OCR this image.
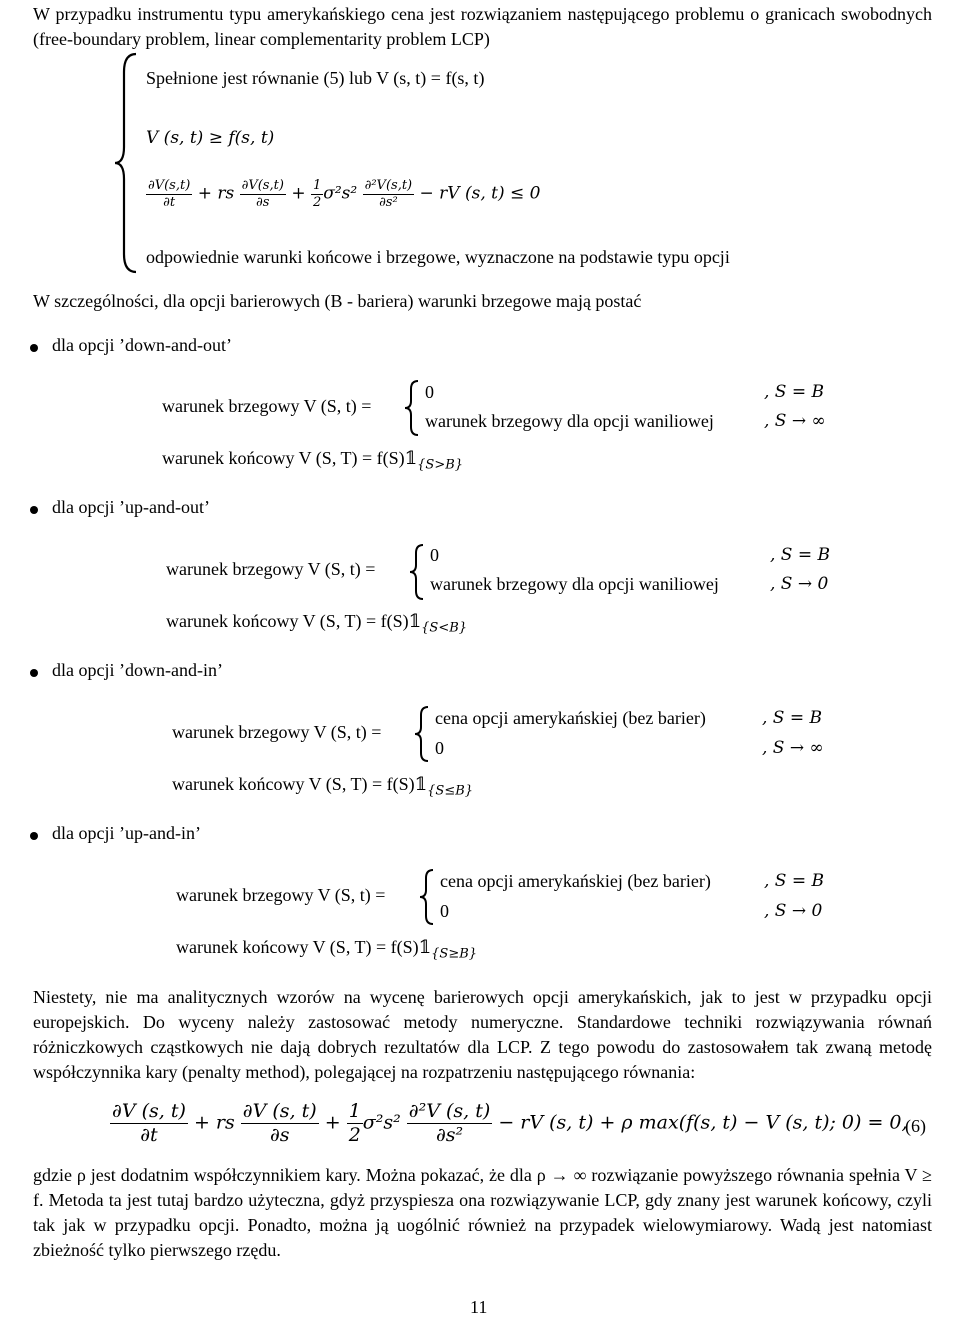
W przypadku instrumentu typu amerykańskiego cena jest rozwiązaniem następującego problemu o granicach swobodnych (free-boundary problem, linear complementarity problem LCP)
Spełnione jest równanie (5) lub V (s, t) = f(s, t)
V (s, t) ≥ f(s, t)
$\frac{\partial V(s,t)}{\partial t}$ + rs $\frac{\partial V(s,t)}{\partial s} + \frac{1}{2} \sigma^2s^2 \frac{\text{∂²V(s,t)}}{\text{∂s²}}$ − rV (s, t) ≤ 0
odpowiednie warunki końcowe i brzegowe, wyznaczone na podstawie typu opcji
W szczególności, dla opcji barierowych (B - bariera) warunki brzegowe mają postać
dla opcji ’down-and-out’
warunek brzegowy V (S, t) =
0	, S = B
warunek brzegowy dla opcji waniliowej	, S → ∞
warunek końcowy V (S, $T) = f(S)𝟙_{\{S>B\}}$
dla opcji ’up-and-out’
warunek brzegowy V (S, t) =
0	, S = B
warunek brzegowy dla opcji waniliowej	, S → 0
warunek końcowy V (S, $T) = f(S)𝟙_{\{S<B\}}$
dla opcji ’down-and-in’
warunek brzegowy V (S, t) =
cena opcji amerykańskiej (bez barier)	, S = B
0	, S → ∞
warunek końcowy V (S, $T) = f(S)𝟙_{\{S\le B\}}$
dla opcji ’up-and-in’
warunek brzegowy V (S, t) =
cena opcji amerykańskiej (bez barier)	, S = B
0	, S → 0
warunek końcowy V (S, $T) = f(S)𝟙_{\{S\ge B\}}$
Niestety, nie ma analitycznych wzorów na wycenę barierowych opcji amerykańskich, jak to jest w przypadku opcji europejskich. Do wyceny należy zastosować metody numeryczne. Standardowe techniki rozwiązywania równań różniczkowych cząstkowych nie dają dobrych rezultatów dla LCP. Z tego powodu do zastosowałem tak zwaną metodę współczynnika kary (penalty method), polegającej na rozpatrzeniu następującego równania:
$\frac{\partial V (s, t)}{\partial t}$ + rs $\frac{\partial V (s, t)}{\partial s} + \frac{1}{2} \sigma^2s^2 \frac{\text{∂²V (s, t)}}{\text{∂s²}}$ − rV (s, t) + ρ max(f(s, t) − V (s, t); 0) = 0,
(6)
gdzie ρ jest dodatnim współczynnikiem kary. Można pokazać, że dla ρ → ∞ rozwiązanie powyższego równania spełnia V ≥ f. Metoda ta jest tutaj bardzo użyteczna, gdyż przyspiesza ona rozwiązywanie LCP, gdy znany jest warunek końcowy, czyli tak jak w przypadku opcji. Ponadto, można ją uogólnić również na przypadek wielowymiarowy. Wadą jest natomiast zbieżność tylko pierwszego rzędu.
11
